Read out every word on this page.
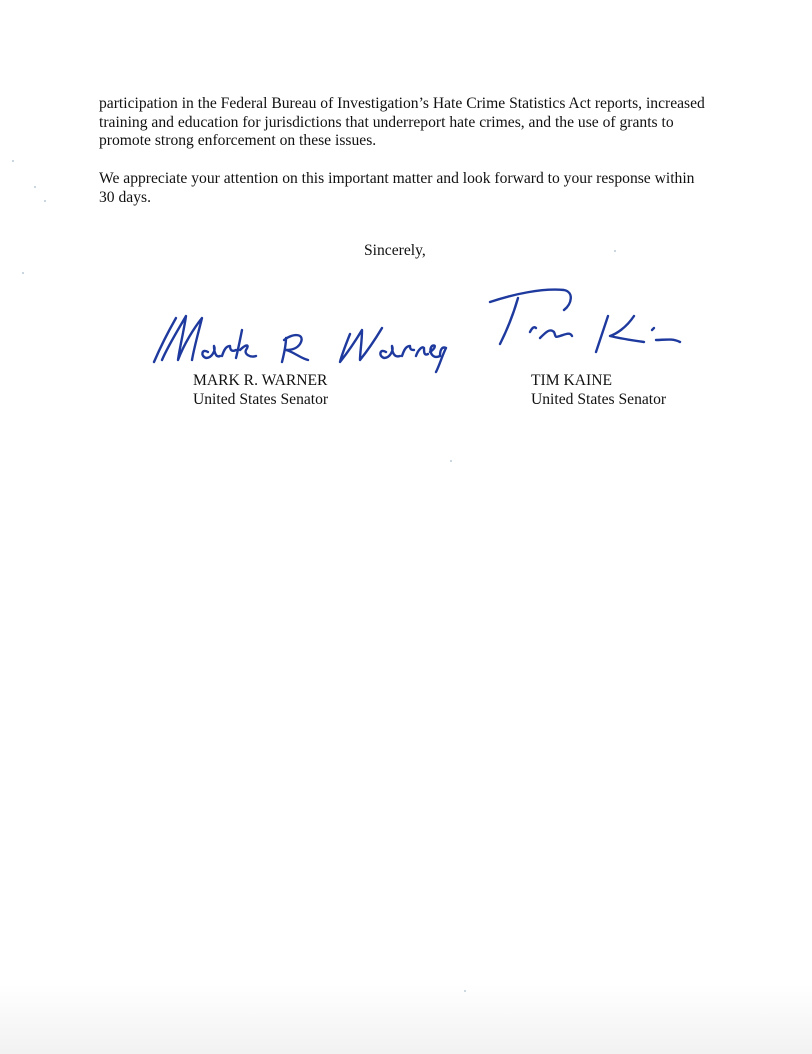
participation in the Federal Bureau of Investigation’s Hate Crime Statistics Act reports, increased
training and education for jurisdictions that underreport hate crimes, and the use of grants to
promote strong enforcement on these issues.

We appreciate your attention on this important matter and look forward to your response within
30 days.

Sincerely,

MARK R. WARNER
United States Senator
TIM KAINE
United States Senator
